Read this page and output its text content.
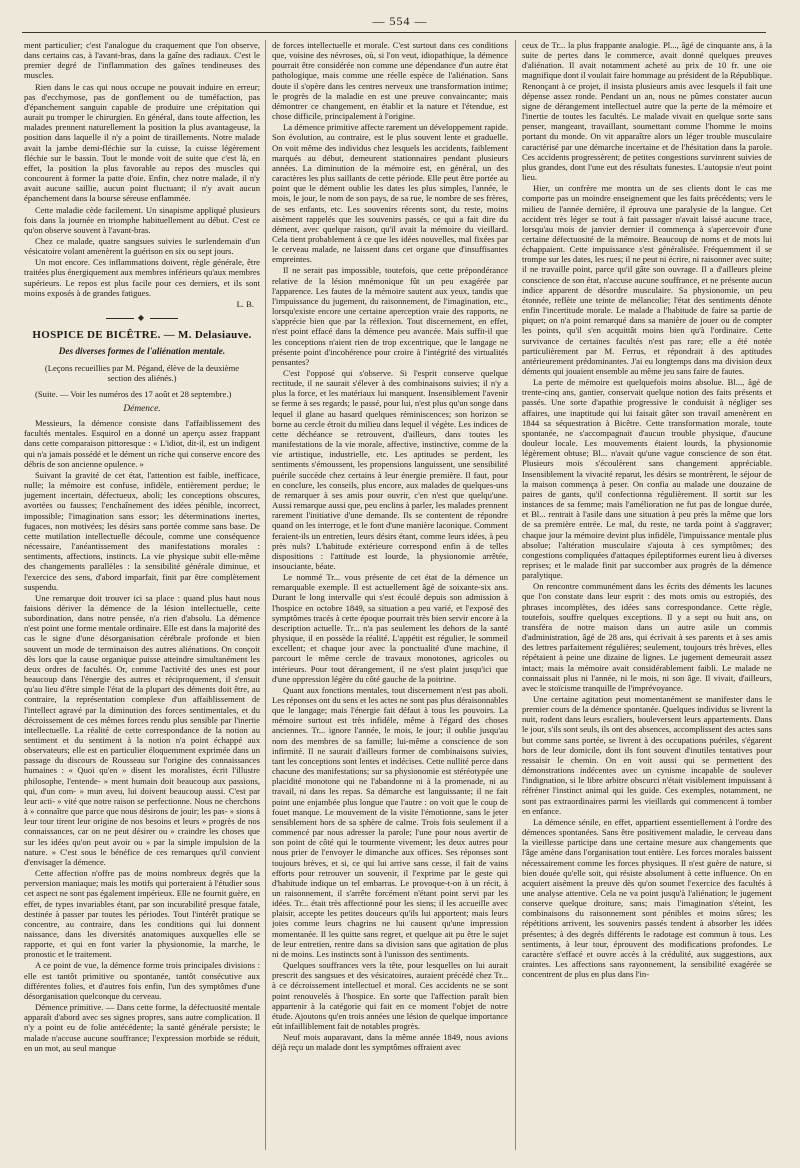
— 554 —

ment particulier; c'est l'analogue du craquement que l'on observe, dans certains cas, à l'avant-bras, dans la gaîne des radiaux. C'est le premier degré de l'inflammation des gaînes tendineuses des muscles.

Rien dans le cas qui nous occupe ne pouvait induire en erreur; pas d'ecchymose, pas de gonflement ou de tuméfaction, pas d'épanchement sanguin capable de produire une crépitation qui aurait pu tromper le chirurgien. En général, dans toute affection, les malades prennent naturellement la position la plus avantageuse, la position dans laquelle il n'y a point de tiraillements. Notre malade avait la jambe demi-fléchie sur la cuisse, la cuisse légèrement fléchie sur le bassin. Tout le monde voit de suite que c'est là, en effet, la position la plus favorable au repos des muscles qui concourent à former la patte d'oie. Enfin, chez notre malade, il n'y avait aucune saillie, aucun point fluctuant; il n'y avait aucun épanchement dans la bourse séreuse enflammée.

Cette maladie cède facilement. Un sinapisme appliqué plusieurs fois dans la journée en triomphe habituellement au début. C'est ce qu'on observe souvent à l'avant-bras.

Chez ce malade, quatre sangsues suivies le surlendemain d'un vésicatoire volant amenèrent la guérison en six ou sept jours.

Un mot encore. Ces inflammations doivent, règle générale, être traitées plus énergiquement aux membres inférieurs qu'aux membres supérieurs. Le repos est plus facile pour ces derniers, et ils sont moins exposés à de grandes fatigues.

L. B.
◆
HOSPICE DE BICÊTRE. — M. Delasiauve.
Des diverses formes de l'aliénation mentale.
(Leçons recueillies par M. Pégand, élève de la deuxième section des aliénés.)

(Suite. — Voir les numéros des 17 août et 28 septembre.)

Démence.

Messieurs, la démence consiste dans l'affaiblissement des facultés mentales. Esquirol en a donné un aperçu assez frappant dans cette comparaison pittoresque : « L'idiot, dit-il, est un indigent qui n'a jamais possédé et le dément un riche qui conserve encore des débris de son ancienne opulence. »

Suivant la gravité de cet état, l'attention est faible, inefficace, nulle; la mémoire est confuse, infidèle, entièrement perdue; le jugement incertain, défectueux, aboli; les conceptions obscures, avortées ou fausses; l'enchaînement des idées pénible, incorrect, impossible; l'imagination sans essor; les déterminations inertes, fugaces, non motivées; les désirs sans portée comme sans base. De cette mutilation intellectuelle découle, comme une conséquence nécessaire, l'anéantissement des manifestations morales : sentiments, affections, instincts. La vie physique subit elle-même des changements parallèles : la sensibilité générale diminue, et l'exercice des sens, d'abord imparfait, finit par être complètement suspendu.

Une remarque doit trouver ici sa place : quand plus haut nous faisions dériver la démence de la lésion intellectuelle, cette subordination, dans notre pensée, n'a rien d'absolu. La démence n'est point une forme mentale ordinaire. Elle est dans la majorité des cas le signe d'une désorganisation cérébrale profonde et bien souvent un mode de terminaison des autres aliénations. On conçoit dès lors que la cause organique puisse atteindre simultanément les deux ordres de facultés. Or, comme l'activité des unes est pour beaucoup dans l'énergie des autres et réciproquement, il s'ensuit qu'au lieu d'être simple l'état de la plupart des déments doit être, au contraire, la représentation complexe d'un affaiblissement de l'intellect agravé par la diminution des forces sentimentales, et du décroissement de ces mêmes forces rendu plus sensible par l'inertie intellectuelle. La réalité de cette correspondance de la notion au sentiment et du sentiment à la notion n'a point échappé aux observateurs; elle est en particulier éloquemment exprimée dans un passage du discours de Rousseau sur l'origine des connaissances humaines : « Quoi qu'en » disent les moralistes, écrit l'illustre philosophe, l'entende- » ment humain doit beaucoup aux passions, qui, d'un com- » mun aveu, lui doivent beaucoup aussi. C'est par leur acti- » vité que notre raison se perfectionne. Nous ne cherchons à » connaître que parce que nous désirons de jouir; les pas- » sions à leur tour tirent leur origine de nos besoins et leurs » progrès de nos connaissances, car on ne peut désirer ou » craindre les choses que sur les idées qu'on peut avoir ou » par la simple impulsion de la nature. » C'est sous le bénéfice de ces remarques qu'il convient d'envisager la démence.

Cette affection n'offre pas de moins nombreux degrés que la perversion maniaque; mais les motifs qui porteraient à l'étudier sous cet aspect ne sont pas également impérieux. Elle ne fournit guère, en effet, de types invariables étant, par son incurabilité presque fatale, destinée à passer par toutes les périodes. Tout l'intérêt pratique se concentre, au contraire, dans les conditions qui lui donnent naissance, dans les diversités anatomiques auxquelles elle se rapporte, et qui en font varier la physionomie, la marche, le pronostic et le traitement.

A ce point de vue, la démence forme trois principales divisions : elle est tantôt primitive ou spontanée, tantôt consécutive aux différentes folies, et d'autres fois enfin, l'un des symptômes d'une désorganisation quelconque du cerveau.

Démence primitive. — Dans cette forme, la défectuosité mentale apparaît d'abord avec ses signes propres, sans autre complication. Il n'y a point eu de folie antécédente; la santé générale persiste; le malade n'accuse aucune souffrance; l'expression morbide se réduit, en un mot, au seul manque

de forces intellectuelle et morale. C'est surtout dans ces conditions que, voisine des névroses, où, si l'on veut, idiopathique, la démence pourrait être considérée non comme une dépendance d'un autre état pathologique, mais comme une réelle espèce de l'aliénation. Sans doute il s'opère dans les centres nerveux une transformation intime; le progrès de la maladie en est une preuve convaincante; mais démontrer ce changement, en établir et la nature et l'étendue, est chose difficile, principalement à l'origine.

La démence primitive affecte rarement un développement rapide. Son évolution, au contraire, est le plus souvent lente et graduelle. On voit même des individus chez lesquels les accidents, faiblement marqués au début, demeurent stationnaires pendant plusieurs années. La diminution de la mémoire est, en général, un des caractères les plus saillants de cette période. Elle peut être portée au point que le dément oublie les dates les plus simples, l'année, le mois, le jour, le nom de son pays, de sa rue, le nombre de ses frères, de ses enfants, etc. Les souvenirs récents sont, du reste, moins aisément rappelés que les souvenirs passés, ce qui a fait dire du dément, avec quelque raison, qu'il avait la mémoire du vieillard. Cela tient probablement à ce que les idées nouvelles, mal fixées par le cerveau malade, ne laissent dans cet organe que d'insuffisantes empreintes.

Il ne serait pas impossible, toutefois, que cette prépondérance relative de la lésion mnémonique fût un peu exagérée par l'apparence. Les fautes de la mémoire sautent aux yeux, tandis que l'impuissance du jugement, du raisonnement, de l'imagination, etc., lorsqu'existe encore une certaine aperception vraie des rapports, ne s'apprécie bien que par la réflexion. Tout discernement, en effet, n'est point effacé dans la démence peu avancée. Mais suffit-il que les conceptions n'aient rien de trop excentrique, que le langage ne présente point d'incohérence pour croire à l'intégrité des virtualités pensantes?

C'est l'opposé qui s'observe. Si l'esprit conserve quelque rectitude, il ne saurait s'élever à des combinaisons suivies; il n'y a plus la force, et les matériaux lui manquent. Insensiblement l'avenir se ferme à ses regards; le passé, pour lui, n'est plus qu'un songe dans lequel il glane au hasard quelques réminiscences; son horizon se borne au cercle étroit du milieu dans lequel il végète. Les indices de cette déchéance se retrouvent, d'ailleurs, dans toutes les manifestations de la vie morale, affective, instinctive, comme de la vie artistique, industrielle, etc. Les aptitudes se perdent, les sentiments s'émoussent, les propensions languissent, une sensibilité puérile succède chez certains à leur énergie première. Il faut, pour en conclure, les conseils, plus encore, aux malades de quelques-uns de remarquer à ses amis pour ouvrir, c'en n'est que quelqu'une. Aussi remarque aussi que, peu enclins à parler, les malades prennent rarement l'initiative d'une demande. Ils se contentent de répondre quand on les interroge, et le font d'une manière laconique. Comment feraient-ils un entretien, leurs désirs étant, comme leurs idées, à peu près nuls? L'habitude extérieure correspond enfin à de telles dispositions : l'attitude est lourde, la physionomie arrêtée, insouciante, béate.

Le nommé Tr... vous présente de cet état de la démence un remarquable exemple. Il est actuellement âgé de soixante-six ans. Durant le long intervalle qui s'est écoulé depuis son admission à l'hospice en octobre 1849, sa situation a peu varié, et l'exposé des symptômes tracés à cette époque pourrait très bien servir encore à la description actuelle. Tr... n'a pas seulement les dehors de la santé physique, il en possède la réalité. L'appétit est régulier, le sommeil excellent; et chaque jour avec la ponctualité d'une machine, il parcourt le même cercle de travaux monotones, agricoles ou intérieurs. Pour tout dérangement, il ne s'est plaint jusqu'ici que d'une oppression légère du côté gauche de la poitrine.

Quant aux fonctions mentales, tout discernement n'est pas aboli. Les réponses ont du sens et les actes ne sont pas plus déraisonnables que le langage; mais l'énergie fait défaut à tous les pouvoirs. La mémoire surtout est très infidèle, même à l'égard des choses anciennes. Tr... ignore l'année, le mois, le jour; il oublie jusqu'au nom des membres de sa famille; lui-même a conscience de son infirmité. Il ne saurait d'ailleurs former de combinaisons suivies, tant les conceptions sont lentes et indécises. Cette nullité perce dans chacune des manifestations; sur sa physionomie est stéréotypée une placidité monotone qui ne l'abandonne ni à la promenade, ni au travail, ni dans les repas. Sa démarche est languissante; il ne fait point une enjambée plus longue que l'autre : on voit que le coup de fouet manque. Le mouvement de la visite l'émotionne, sans le jeter sensiblement hors de sa sphère de calme. Trois fois seulement il a commencé par nous adresser la parole; l'une pour nous avertir de son point de côté qui le tourmente vivement; les deux autres pour nous prier de l'envoyer le dimanche aux offices. Ses réponses sont toujours brèves, et si, ce qui lui arrive sans cesse, il fait de vains efforts pour retrouver un souvenir, il l'exprime par le geste qui d'habitude indique un tel embarras. Le provoque-t-on à un récit, à un raisonnement, il s'arrête forcément n'étant point servi par les idées. Tr... était très affectionné pour les siens; il les accueille avec plaisir, accepte les petites douceurs qu'ils lui apportent; mais leurs joies comme leurs chagrins ne lui causent qu'une impression momentanée. Il les quitte sans regret, et quelque ait pu être le sujet de leur entretien, rentre dans sa division sans que agitation de plus ni de moins. Les instincts sont à l'unisson des sentiments.

Quelques souffrances vers la tête, pour lesquelles on lui aurait prescrit des sangsues et des vésicatoires, auraient précédé chez Tr... à ce décroissement intellectuel et moral. Ces accidents ne se sont point renouvelés à l'hospice. En sorte que l'affection paraît bien appartenir à la catégorie qui fait en ce moment l'objet de notre étude. Ajoutons qu'en trois années une lésion de quelque importance eût infailliblement fait de notables progrès.

Neuf mois auparavant, dans la même année 1849, nous avions déjà reçu un malade dont les symptômes offraient avec

ceux de Tr... la plus frappante analogie. Pl..., âgé de cinquante ans, à la suite de pertes dans le commerce, avait donné quelques preuves d'aliénation. Il avait notamment acheté au prix de 10 fr. une oie magnifique dont il voulait faire hommage au président de la République. Renonçant à ce projet, il insista plusieurs amis avec lesquels il fait une dépense assez ronde. Pendant un an, nous ne pûmes constater aucun signe de dérangement intellectuel autre que la perte de la mémoire et l'inertie de toutes les facultés. Le malade vivait en quelque sorte sans penser, mangeant, travaillant, soumettant comme l'homme le moins portant du monde. On vit apparaître alors un léger trouble musculaire caractérisé par une démarche incertaine et de l'hésitation dans la parole. Ces accidents progressèrent; de petites congestions survinrent suivies de plus grandes, dont l'une eut des résultats funestes. L'autopsie n'eut point lieu.

Hier, un confrère me montra un de ses clients dont le cas me comporte pas un moindre enseignement que les faits précédents; vers le milieu de l'année dernière, il éprouva une paralysie de la langue. Cet accident très léger se tout à fait passager n'avait laissé aucune trace, lorsqu'au mois de janvier dernier il commença à s'apercevoir d'une certaine défectuosité de la mémoire. Beaucoup de noms et de mots lui échappaient. Cette impuissance s'est généralisée. Fréquemment il se trompe sur les dates, les rues; il ne peut ni écrire, ni raisonner avec suite; il ne travaille point, parce qu'il gâte son ouvrage. Il a d'ailleurs pleine conscience de son état, n'accuse aucune souffrance, et ne présente aucun indice apparent de désordre musculaire. Sa physionomie, un peu étonnée, reflète une teinte de mélancolie; l'état des sentiments dénote enfin l'incertitude morale. Le malade a l'habitude de faire sa partie de piquet; on n'a point remarqué dans sa manière de jouer ou de compter les points, qu'il s'en acquittât moins bien qu'à l'ordinaire. Cette survivance de certaines facultés n'est pas rare; elle a été notée particulièrement par M. Ferrus, et répondrait à des aptitudes antérieurement prédominantes. J'ai eu longtemps dans ma division deux déments qui jouaient ensemble au même jeu sans faire de fautes.

La perte de mémoire est quelquefois moins absolue. Bl..., âgé de trente-cinq ans, gantier, conservait quelque notion des faits présents et passés. Une sorte d'apathie progressive le conduisit à négliger ses affaires, une inaptitude qui lui faisait gâter son travail amenèrent en 1844 sa séquestration à Bicêtre. Cette transformation morale, toute spontanée, ne s'accompagnait d'aucun trouble physique, d'aucune douleur locale. Les mouvements étaient lourds, la physionomie légèrement obtuse; Bl... n'avait qu'une vague conscience de son état. Plusieurs mois s'écoulèrent sans changement appréciable. Insensiblement la vivacité reparut, les désirs se montrèrent, le séjour de la maison commença à peser. On confia au malade une douzaine de paires de gants, qu'il confectionna régulièrement. Il sortit sur les instances de sa femme; mais l'amélioration ne fut pas de longue durée, et Bl... rentrait à l'asile dans une situation à peu près la même que lors de sa première entrée. Le mal, du reste, ne tarda point à s'aggraver; chaque jour la mémoire devint plus infidèle, l'impuissance mentale plus absolue; l'altération musculaire s'ajouta à ces symptômes; des congestions compliquées d'attaques épileptiformes eurent lieu à diverses reprises; et le malade finit par succomber aux progrès de la démence paralytique.

On rencontre communément dans les écrits des déments les lacunes que l'on constate dans leur esprit : des mots omis ou estropiés, des phrases incomplètes, des idées sans correspondance. Cette règle, toutefois, souffre quelques exceptions. Il y a sept ou huit ans, on transféra de notre maison dans un autre asile un commis d'administration, âgé de 28 ans, qui écrivait à ses parents et à ses amis des lettres parfaitement régulières; seulement, toujours très brèves, elles répétaient à peine une dizaine de lignes. Le jugement demeurait assez intact; mais la mémoire avait considérablement faibli. Le malade ne connaissait plus ni l'année, ni le mois, ni son âge. Il vivait, d'ailleurs, avec le stoïcisme tranquille de l'imprévoyance.

Une certaine agitation peut momentanément se manifester dans le premier cours de la démence spontanée. Quelques individus se livrent la nuit, rodent dans leurs escaliers, bouleversent leurs appartements. Dans le jour, s'ils sont seuls, ils ont des absences, accomplissent des actes sans but comme sans portée, se livrent à des occupations puériles, s'égarent hors de leur domicile, dont ils font souvent d'inutiles tentatives pour ressaisir le chemin. On en voit aussi qui se permettent des démonstrations indécentes avec un cynisme incapable de soulever l'indignation, si le libre arbitre obscurci n'était visiblement impuissant à réfréner l'instinct animal qui les guide. Ces exemples, notamment, ne sont pas extraordinaires parmi les vieillards qui commencent à tomber en enfance.

La démence sénile, en effet, appartient essentiellement à l'ordre des démences spontanées. Sans être positivement maladie, le cerveau dans la vieillesse participe dans une certaine mesure aux changements que l'âge amène dans l'organisation tout entière. Les forces morales baissent nécessairement comme les forces physiques. Il n'est guère de nature, si bien douée qu'elle soit, qui résiste absolument à cette influence. On en acquiert aisément la preuve dès qu'on soumet l'exercice des facultés à une analyse attentive. Cela ne va point jusqu'à l'aliénation; le jugement conserve quelque droiture, sans; mais l'imagination s'éteint, les combinaisons du raisonnement sont pénibles et moins sûres; les répétitions arrivent, les souvenirs passés tendent à absorber les idées présentes; à des degrés différents le radotage est commun à tous. Les sentiments, à leur tour, éprouvent des modifications profondes. Le caractère s'effacé et ouvre accès à la crédulité, aux suggestions, aux craintes. Les affections sans rayonnement, la sensibilité exagérée se concentrent de plus en plus dans l'in-
